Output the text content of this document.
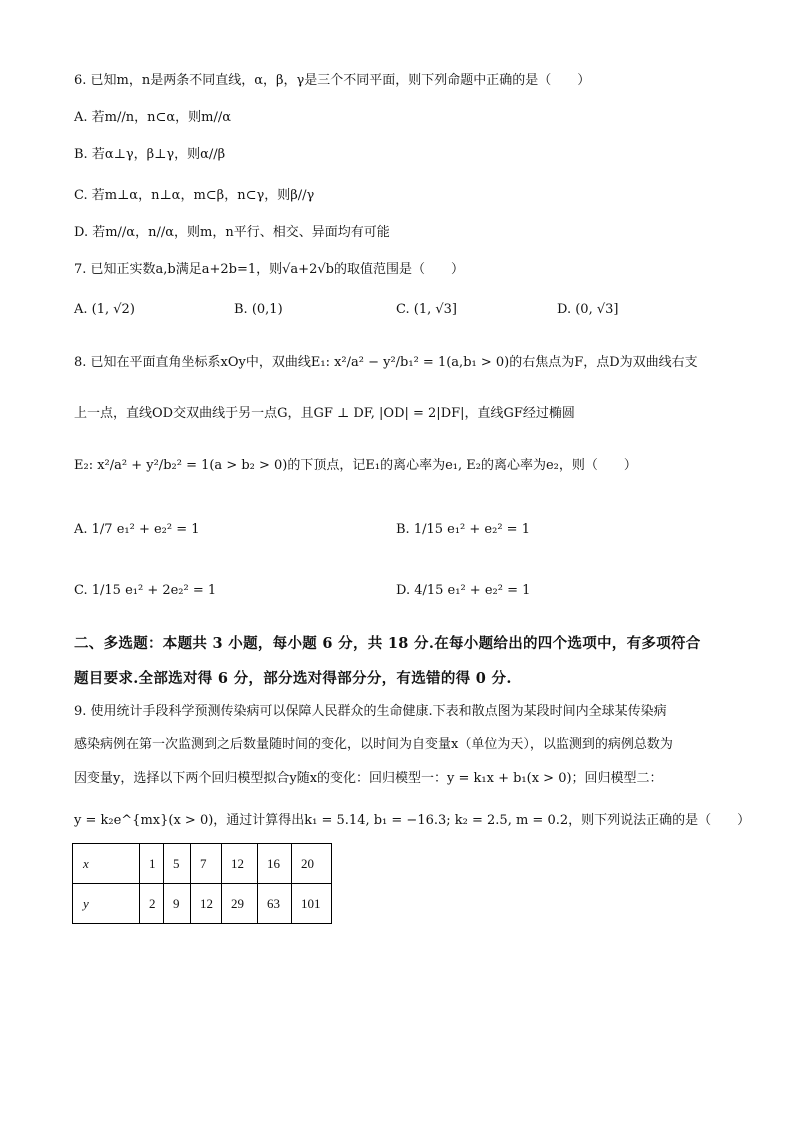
6. 已知m，n是两条不同直线，α，β，γ是三个不同平面，则下列命题中正确的是（　　）
A. 若m//n，n⊂α，则m//α
B. 若α⊥γ，β⊥γ，则α//β
C. 若m⊥α，n⊥α，m⊂β，n⊂γ，则β//γ
D. 若m//α，n//α，则m，n平行、相交、异面均有可能
7. 已知正实数a,b满足a+2b=1，则√a+2√b的取值范围是（　　）
A. (1, √2)	B. (0,1)	C. (1, √3]	D. (0, √3]
8. 已知在平面直角坐标系xOy中，双曲线E₁: x²/a² − y²/b₁² = 1(a,b₁ > 0)的右焦点为F，点D为双曲线右支
上一点，直线OD交双曲线于另一点G，且GF ⊥ DF, |OD| = 2|DF|，直线GF经过椭圆
E₂: x²/a² + y²/b₂² = 1(a > b₂ > 0)的下顶点，记E₁的离心率为e₁, E₂的离心率为e₂，则（　　）
A. 1/7 e₁² + e₂² = 1	B. 1/15 e₁² + e₂² = 1
C. 1/15 e₁² + 2e₂² = 1	D. 4/15 e₁² + e₂² = 1
二、多选题：本题共 3 小题，每小题 6 分，共 18 分.在每小题给出的四个选项中，有多项符合
题目要求.全部选对得 6 分，部分选对得部分分，有选错的得 0 分.
9. 使用统计手段科学预测传染病可以保障人民群众的生命健康.下表和散点图为某段时间内全球某传染病
感染病例在第一次监测到之后数量随时间的变化，以时间为自变量x（单位为天），以监测到的病例总数为
因变量y，选择以下两个回归模型拟合y随x的变化：回归模型一：y = k₁x + b₁(x > 0)；回归模型二：
y = k₂e^{mx}(x > 0)，通过计算得出k₁ = 5.14, b₁ = −16.3; k₂ = 2.5, m = 0.2，则下列说法正确的是（　　）
x	1	5	7	12	16	20
y	2	9	12	29	63	101
